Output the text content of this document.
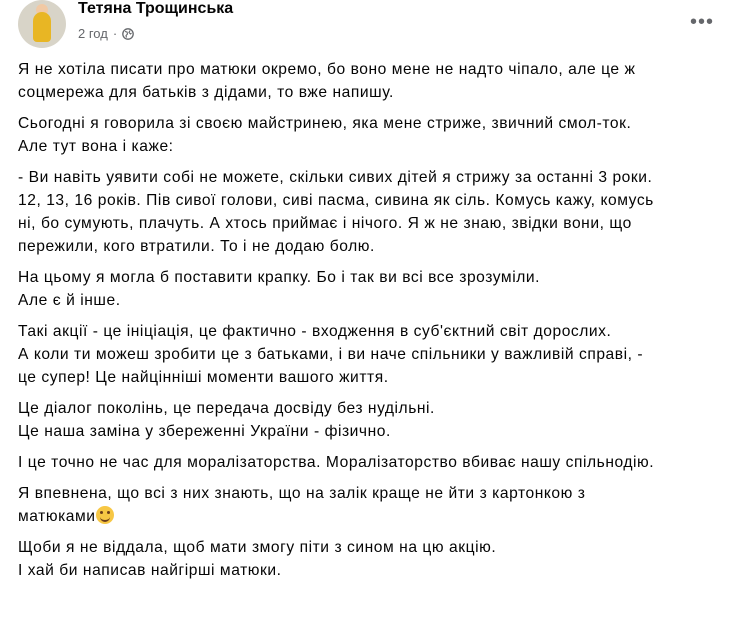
Тетяна Трощинська
2 год ·
•••
Я не хотіла писати про матюки окремо, бо воно мене не надто чіпало, але це ж
соцмережа для батьків з дідами, то вже напишу.
Сьогодні я говорила зі своєю майстринею, яка мене стриже, звичний смол-ток.
Але тут вона і каже:
- Ви навіть уявити собі не можете, скільки сивих дітей я стрижу за останні 3 роки.
12, 13, 16 років. Пів сивої голови, сиві пасма, сивина як сіль. Комусь кажу, комусь
ні, бо сумують, плачуть. А хтось приймає і нічого. Я ж не знаю, звідки вони, що
пережили, кого втратили. То і не додаю болю.
На цьому я могла б поставити крапку. Бо і так ви всі все зрозуміли.
Але є й інше.
Такі акції - це ініціація, це фактично - входження в суб'єктний світ дорослих.
А коли ти можеш зробити це з батьками, і ви наче спільники у важливій справі, -
це супер! Це найцінніші моменти вашого життя.
Це діалог поколінь, це передача досвіду без нудільні.
Це наша заміна у збереженні України - фізично.
І це точно не час для моралізаторства. Моралізаторство вбиває нашу спільнодію.
Я впевнена, що всі з них знають, що на залік краще не йти з картонкою з
матюками
Щоби я не віддала, щоб мати змогу піти з сином на цю акцію.
І хай би написав найгірші матюки.
